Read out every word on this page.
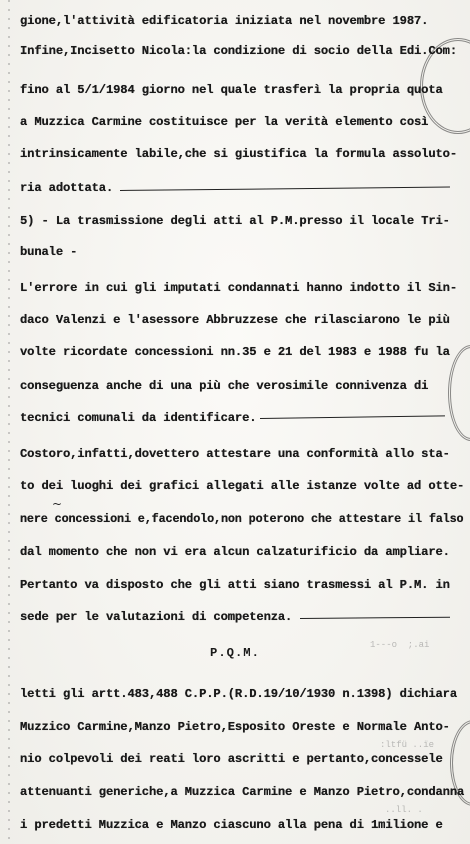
gione,l'attività edificatoria iniziata nel novembre 1987.
Infine,Incisetto Nicola:la condizione di socio della Edi.Com:
fino al 5/1/1984 giorno nel quale trasferì la propria quota
a Muzzica Carmine costituisce per la verità elemento così
intrinsicamente labile,che si giustifica la formula assoluto-
ria adottata.
5) - La trasmissione degli atti al P.M.presso il locale Tri-
bunale -
L'errore in cui gli imputati condannati hanno indotto il Sin-
daco Valenzi e l'asessore Abbruzzese che rilasciarono le più
volte ricordate concessioni nn.35 e 21 del 1983 e 1988 fu la
conseguenza anche di una più che verosimile connivenza di
tecnici comunali da identificare.
Costoro,infatti,dovettero attestare una conformità allo sta-
to dei luoghi dei grafici allegati alle istanze volte ad otte-
nere concessioni e,facendolo,non poterono che attestare il falso
dal momento che non vi era alcun calzaturificio da ampliare.
Pertanto va disposto che gli atti siano trasmessi al P.M. in
sede per le valutazioni di competenza.
P.Q.M.
letti gli artt.483,488 C.P.P.(R.D.19/10/1930 n.1398) dichiara
Muzzico Carmine,Manzo Pietro,Esposito Oreste e Normale Anto-
nio colpevoli dei reati loro ascritti e pertanto,concessele
attenuanti generiche,a Muzzica Carmine e Manzo Pietro,condanna
i predetti Muzzica e Manzo ciascuno alla pena di 1milione e
1---o  ;.ai
:ltfü ..ïe
..ll. .
~
